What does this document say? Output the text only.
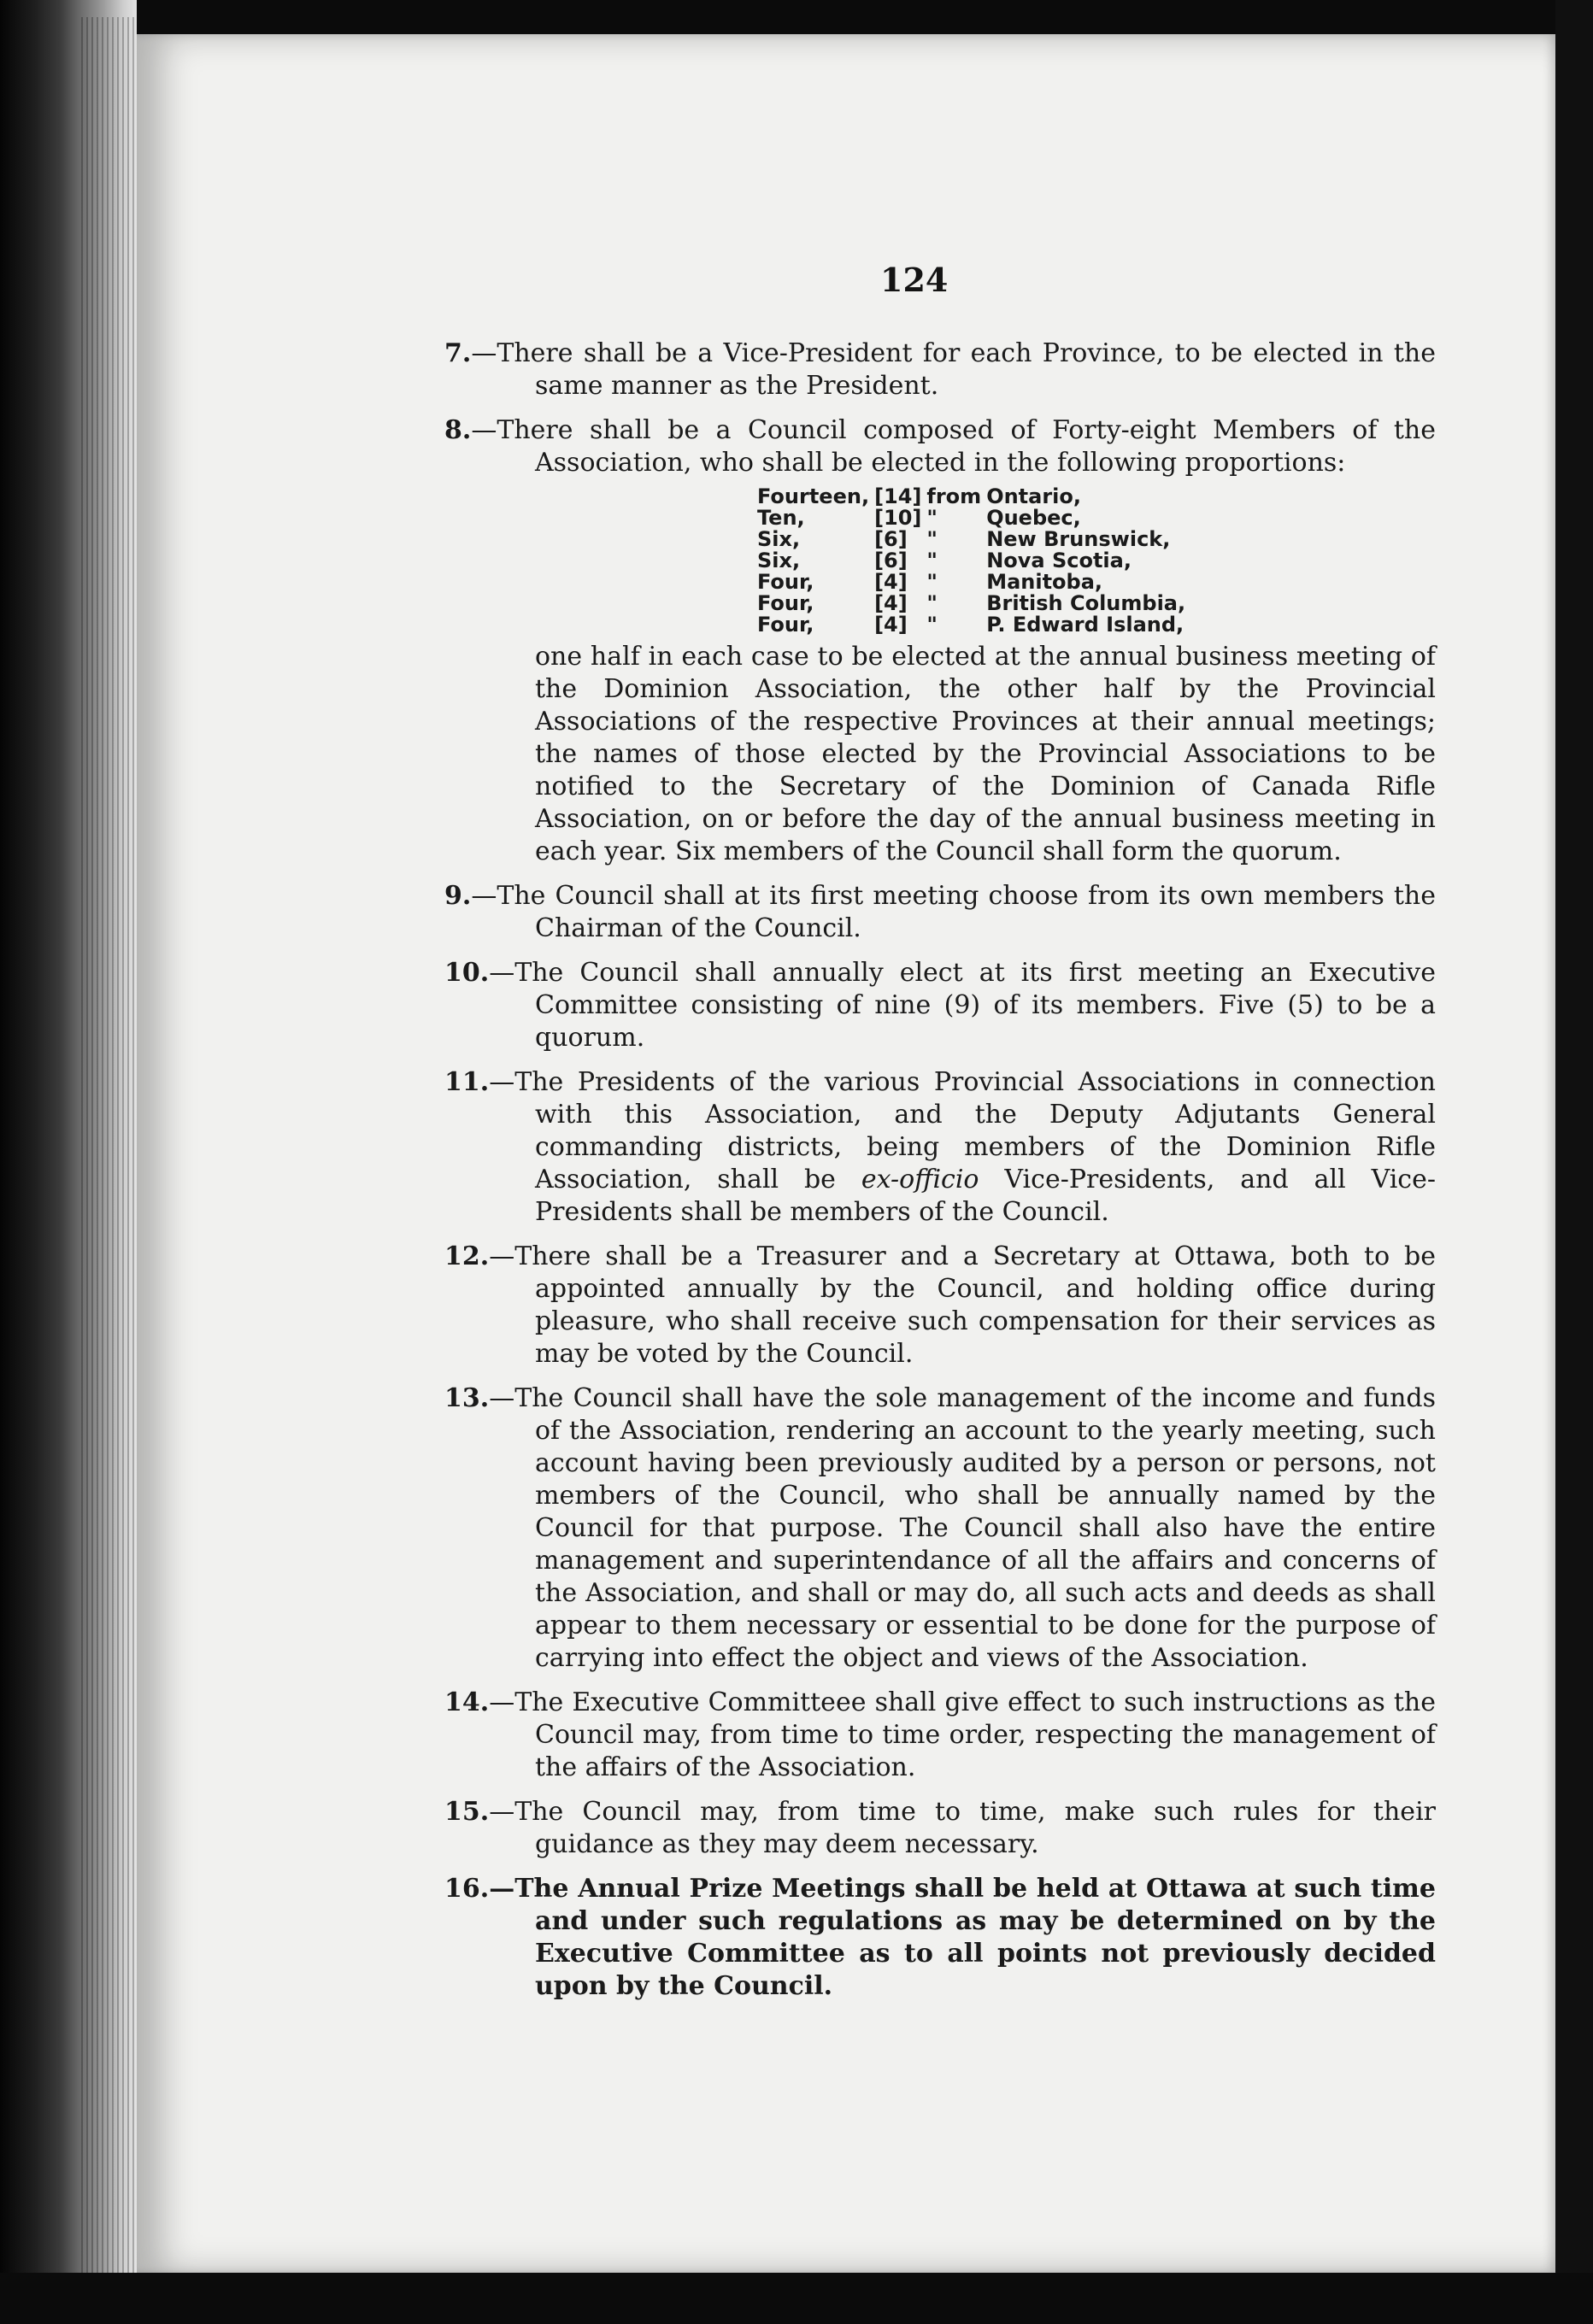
124

7.—There shall be a Vice-President for each Province, to be elected in the same manner as the President.

8.—There shall be a Council composed of Forty-eight Members of the Association, who shall be elected in the following proportions:

Fourteen,	[14]	from	Ontario,
Ten,	[10]	"	Quebec,
Six,	[6]	"	New Brunswick,
Six,	[6]	"	Nova Scotia,
Four,	[4]	"	Manitoba,
Four,	[4]	"	British Columbia,
Four,	[4]	"	P. Edward Island,

one half in each case to be elected at the annual business meeting of the Dominion Association, the other half by the Provincial Associations of the respective Provinces at their annual meetings; the names of those elected by the Provincial Associations to be notified to the Secretary of the Dominion of Canada Rifle Association, on or before the day of the annual business meeting in each year. Six members of the Council shall form the quorum.

9.—The Council shall at its first meeting choose from its own members the Chairman of the Council.

10.—The Council shall annually elect at its first meeting an Executive Committee consisting of nine (9) of its members. Five (5) to be a quorum.

11.—The Presidents of the various Provincial Associations in connection with this Association, and the Deputy Adjutants General commanding districts, being members of the Dominion Rifle Association, shall be ex-officio Vice-Presidents, and all Vice-Presidents shall be members of the Council.

12.—There shall be a Treasurer and a Secretary at Ottawa, both to be appointed annually by the Council, and holding office during pleasure, who shall receive such compensation for their services as may be voted by the Council.

13.—The Council shall have the sole management of the income and funds of the Association, rendering an account to the yearly meeting, such account having been previously audited by a person or persons, not members of the Council, who shall be annually named by the Council for that purpose. The Council shall also have the entire management and superintendance of all the affairs and concerns of the Association, and shall or may do, all such acts and deeds as shall appear to them necessary or essential to be done for the purpose of carrying into effect the object and views of the Association.

14.—The Executive Committeee shall give effect to such instructions as the Council may, from time to time order, respecting the management of the affairs of the Association.

15.—The Council may, from time to time, make such rules for their guidance as they may deem necessary.

16.—The Annual Prize Meetings shall be held at Ottawa at such time and under such regulations as may be determined on by the Executive Committee as to all points not previously decided upon by the Council.
